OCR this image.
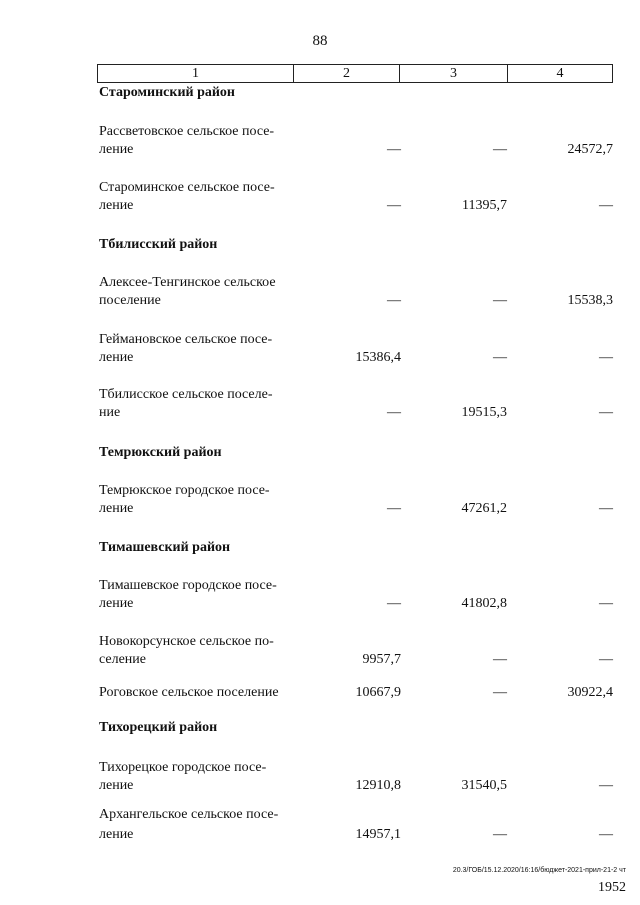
88
1	2	3	4
Староминский район
Рассветовское сельское посе-
ление	—	—	24572,7
Староминское сельское посе-
ление	—	11395,7	—
Тбилисский район
Алексее-Тенгинское сельское
поселение	—	—	15538,3
Геймановское сельское посе-
ление	15386,4	—	—
Тбилисское сельское поселе-
ние	—	19515,3	—
Темрюкский район
Темрюкское городское посе-
ление	—	47261,2	—
Тимашевский район
Тимашевское городское посе-
ление	—	41802,8	—
Новокорсунское сельское по-
селение	9957,7	—	—
Роговское сельское поселение	10667,9	—	30922,4
Тихорецкий район
Тихорецкое городское посе-
ление	12910,8	31540,5	—
Архангельское сельское посе-
ление	14957,1	—	—
20.3/ГОБ/15.12.2020/16:16/бюджет-2021-прил-21-2 чт
1952
